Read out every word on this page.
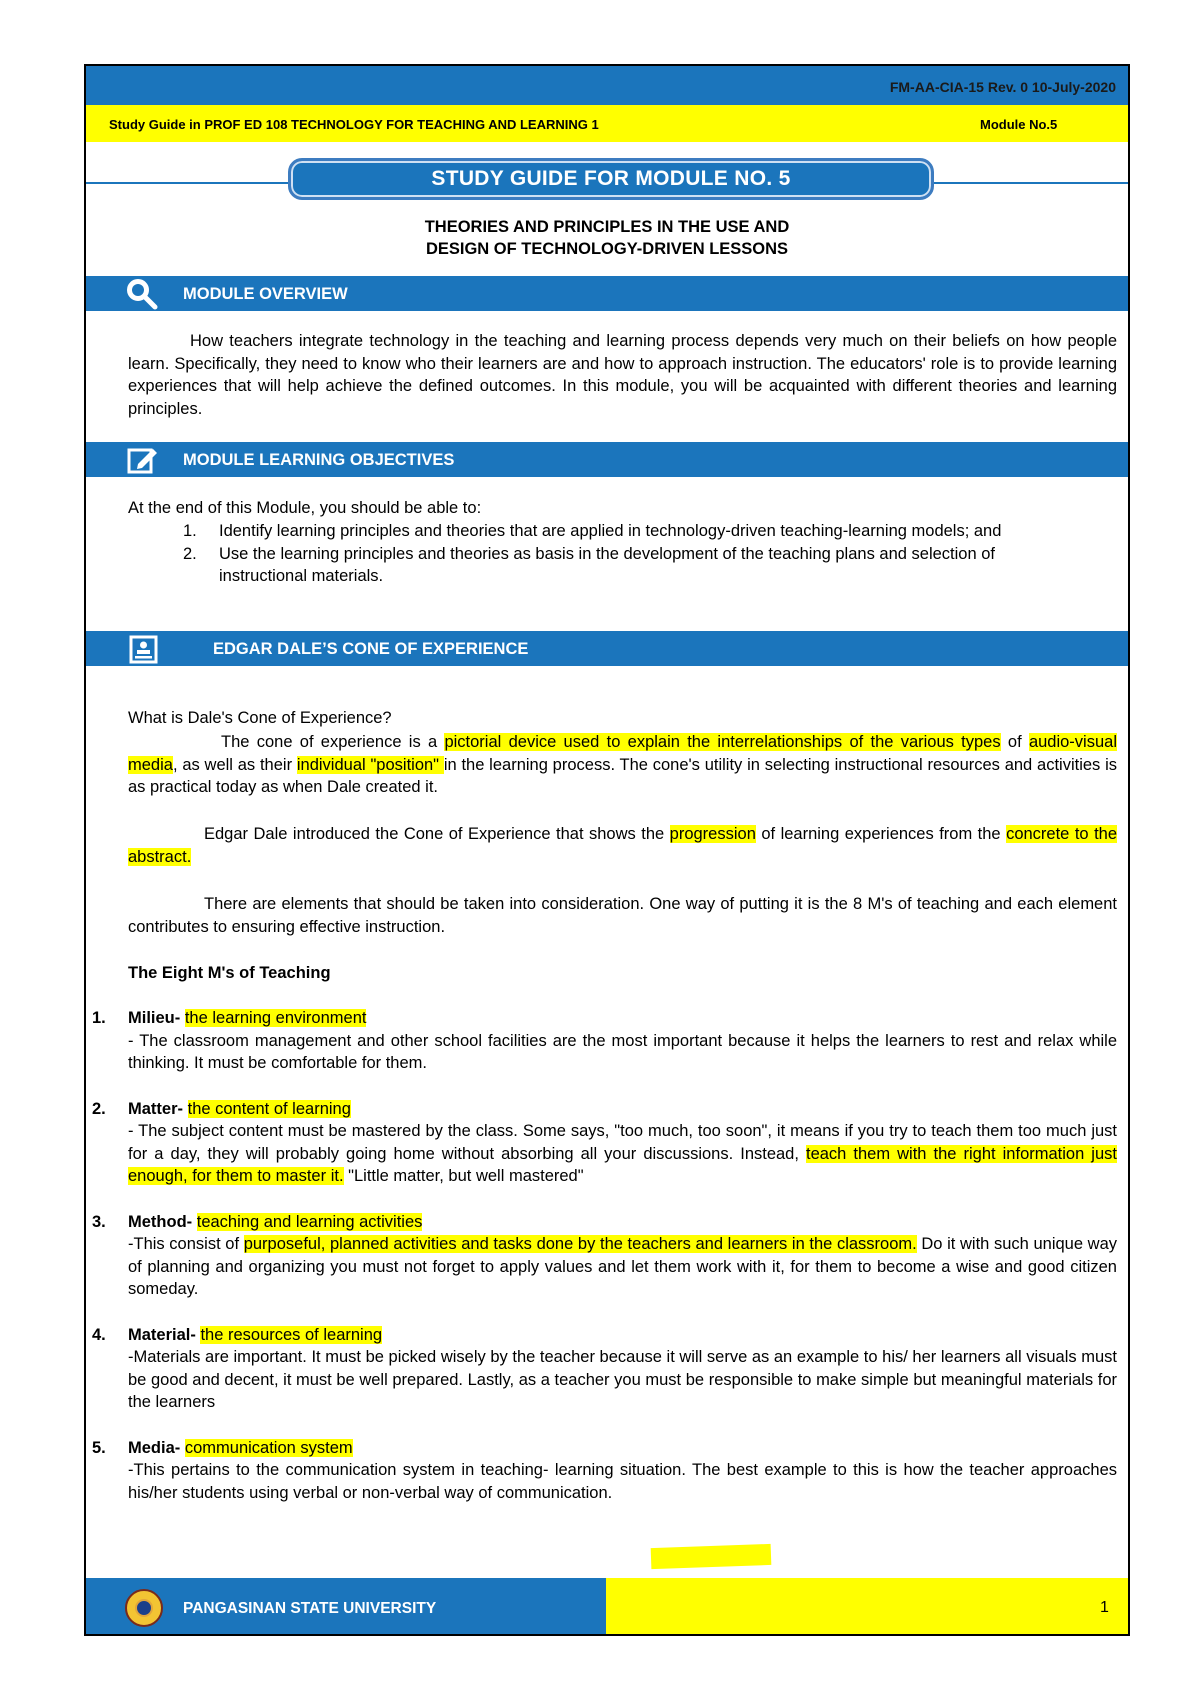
FM-AA-CIA-15 Rev. 0 10-July-2020
Study Guide in PROF ED 108 TECHNOLOGY FOR TEACHING AND LEARNING 1	Module No.5
STUDY GUIDE FOR MODULE NO. 5
THEORIES AND PRINCIPLES IN THE USE AND
DESIGN OF TECHNOLOGY-DRIVEN LESSONS
MODULE OVERVIEW
How teachers integrate technology in the teaching and learning process depends very much on their beliefs on how people learn. Specifically, they need to know who their learners are and how to approach instruction. The educators' role is to provide learning experiences that will help achieve the defined outcomes. In this module, you will be acquainted with different theories and learning principles.
MODULE LEARNING OBJECTIVES
At the end of this Module, you should be able to:
1.	Identify learning principles and theories that are applied in technology-driven teaching-learning models; and
2.	Use the learning principles and theories as basis in the development of the teaching plans and selection of instructional materials.
EDGAR DALE’S CONE OF EXPERIENCE
What is Dale's Cone of Experience?
The cone of experience is a pictorial device used to explain the interrelationships of the various types of audio-visual media, as well as their individual "position" in the learning process. The cone's utility in selecting instructional resources and activities is as practical today as when Dale created it.
Edgar Dale introduced the Cone of Experience that shows the progression of learning experiences from the concrete to the abstract.
There are elements that should be taken into consideration. One way of putting it is the 8 M's of teaching and each element contributes to ensuring effective instruction.
The Eight M's of Teaching
1.	Milieu- the learning environment
- The classroom management and other school facilities are the most important because it helps the learners to rest and relax while thinking. It must be comfortable for them.
2.	Matter- the content of learning
- The subject content must be mastered by the class. Some says, "too much, too soon", it means if you try to teach them too much just for a day, they will probably going home without absorbing all your discussions. Instead, teach them with the right information just enough, for them to master it. "Little matter, but well mastered"
3.	Method- teaching and learning activities
-This consist of purposeful, planned activities and tasks done by the teachers and learners in the classroom. Do it with such unique way of planning and organizing you must not forget to apply values and let them work with it, for them to become a wise and good citizen someday.
4.	Material- the resources of learning
-Materials are important. It must be picked wisely by the teacher because it will serve as an example to his/ her learners all visuals must be good and decent, it must be well prepared. Lastly, as a teacher you must be responsible to make simple but meaningful materials for the learners
5.	Media- communication system
-This pertains to the communication system in teaching- learning situation. The best example to this is how the teacher approaches his/her students using verbal or non-verbal way of communication.
PANGASINAN STATE UNIVERSITY	1
